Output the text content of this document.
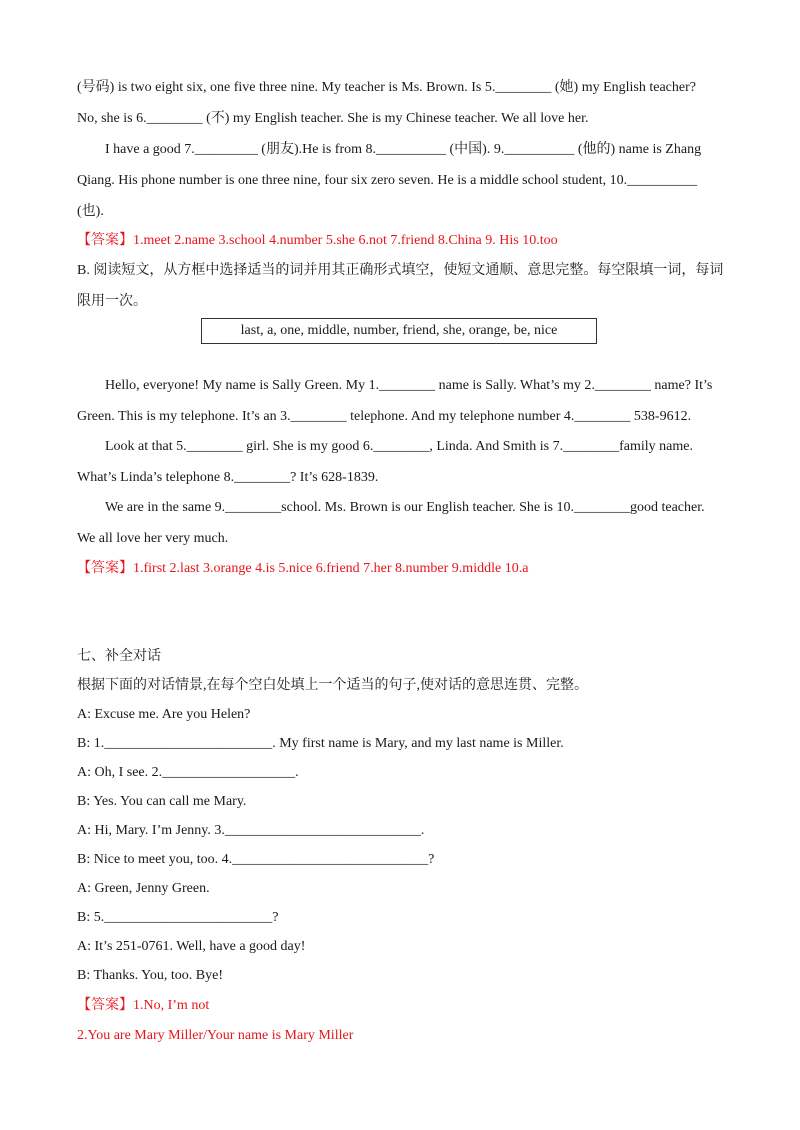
(号码) is two eight six, one five three nine. My teacher is Ms. Brown. Is 5.________ (她) my English teacher?
No, she is 6.________ (不) my English teacher. She is my Chinese teacher. We all love her.
I have a good 7._________ (朋友).He is from 8.__________ (中国). 9.__________ (他的) name is Zhang
Qiang. His phone number is one three nine, four six zero seven. He is a middle school student, 10.__________
(也).
【答案】1.meet 2.name 3.school 4.number 5.she 6.not 7.friend 8.China 9. His 10.too
B. 阅读短文，从方框中选择适当的词并用其正确形式填空，使短文通顺、意思完整。每空限填一词，每词
限用一次。
last, a, one, middle, number, friend, she, orange, be, nice
Hello, everyone! My name is Sally Green. My 1.________ name is Sally. What’s my 2.________ name? It’s
Green. This is my telephone. It’s an 3.________ telephone. And my telephone number 4.________ 538-9612.
Look at that 5.________ girl. She is my good 6.________, Linda. And Smith is 7.________family name.
What’s Linda’s telephone 8.________? It’s 628-1839.
We are in the same 9.________school. Ms. Brown is our English teacher. She is 10.________good teacher.
We all love her very much.
【答案】1.first 2.last 3.orange 4.is 5.nice 6.friend 7.her 8.number 9.middle 10.a
七、补全对话
根据下面的对话情景,在每个空白处填上一个适当的句子,使对话的意思连贯、完整。
A: Excuse me. Are you Helen?
B: 1.________________________. My first name is Mary, and my last name is Miller.
A: Oh, I see. 2.___________________.
B: Yes. You can call me Mary.
A: Hi, Mary. I’m Jenny. 3.____________________________.
B: Nice to meet you, too. 4.____________________________?
A: Green, Jenny Green.
B: 5.________________________?
A: It’s 251-0761. Well, have a good day!
B: Thanks. You, too. Bye!
【答案】1.No, I’m not
2.You are Mary Miller/Your name is Mary Miller
